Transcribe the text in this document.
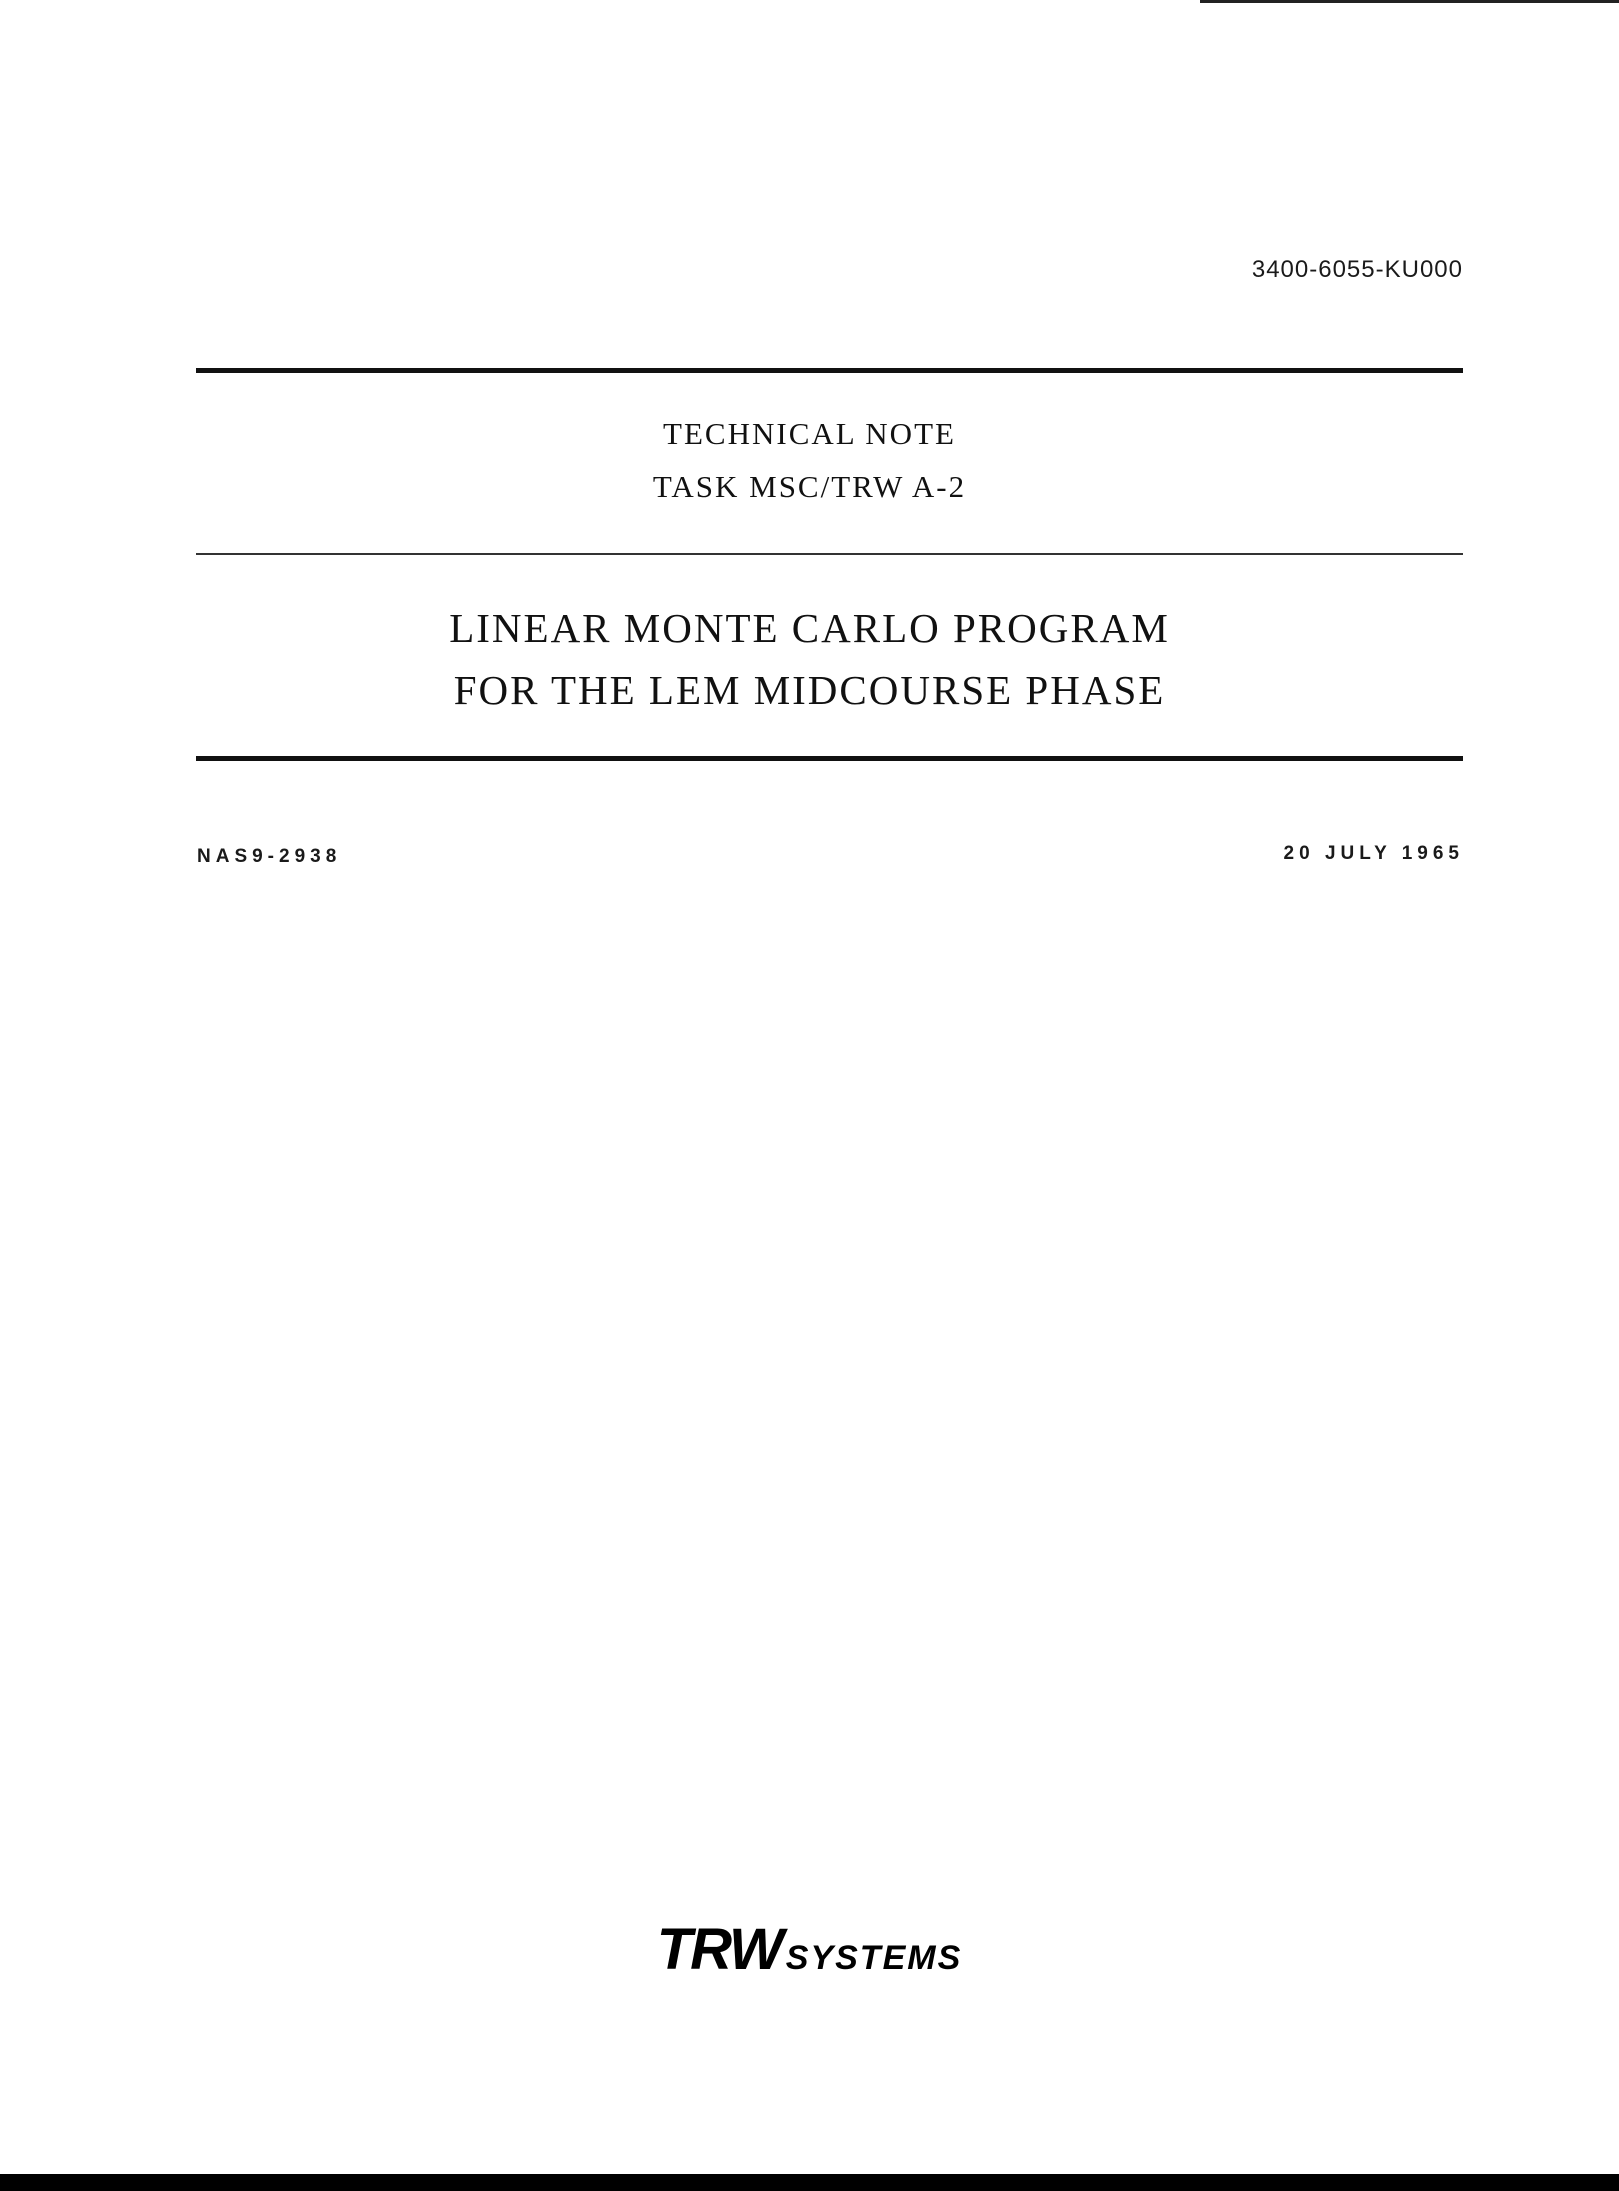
3400-6055-KU000
TECHNICAL NOTE
TASK MSC/TRW A-2
LINEAR MONTE CARLO PROGRAM
FOR THE LEM MIDCOURSE PHASE
NAS9-2938	20 JULY 1965
TRW SYSTEMS
